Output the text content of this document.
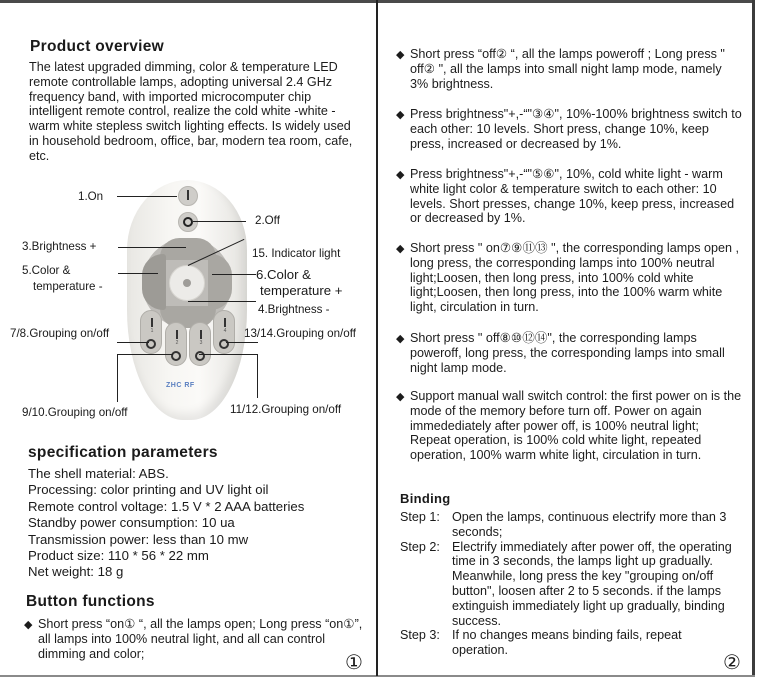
Product overview

The latest upgraded dimming, color & temperature LED remote controllable lamps, adopting universal 2.4 GHz frequency band, with imported microcomputer chip intelligent remote control, realize the cold white -white - warm white stepless switch lighting effects. Is widely used in household bedroom, office, bar, modern tea room, cafe, etc.

1
2	3
4
ZHC RF
1.On
2.Off
3.Brightness +
5.Color &
temperature -
15. Indicator light
6.Color &
temperature +
4.Brightness -
7/8.Grouping on/off	13/14.Grouping on/off
9/10.Grouping on/off	11/12.Grouping on/off
specification parameters
The shell material: ABS.
Processing: color printing and UV light oil
Remote control voltage: 1.5 V * 2 AAA batteries
Standby power consumption: 10 ua
Transmission power: less than 10 mw
Product size: 110 * 56 * 22 mm
Net weight: 18 g
Button functions
◆ Short press “on① “, all the lamps open; Long press “on①”, all lamps into 100% neutral light, and all can control dimming and color;	①
◆ Short press “off② “, all the lamps poweroff ; Long press " off② ", all the lamps into small night lamp mode, namely 3% brightness.
◆ Press brightness"+,-“"③④", 10%-100% brightness switch to each other: 10 levels. Short press, change 10%, keep press, increased or decreased by 1%.
◆ Press brightness"+,-“"⑤⑥", 10%, cold white light - warm white light color & temperature switch to each other: 10 levels. Short presses, change 10%, keep press, increased or decreased by 1%.
◆ Short press " on⑦⑨⑪⑬ ", the corresponding lamps open , long press, the corresponding lamps into 100% neutral light;Loosen, then long press, into 100% cold white light;Loosen, then long press, into the 100% warm white light, circulation in turn.
◆ Short press " off⑧⑩⑫⑭", the corresponding lamps poweroff, long press, the corresponding lamps into small night lamp mode.
◆ Support manual wall switch control: the first power on is the mode of the memory before turn off. Power on again immedediately after power off, is 100% neutral light; Repeat operation, is 100% cold white light, repeated operation, 100% warm white light, circulation in turn.
Binding
Step 1: Open the lamps, continuous electrify more than 3 seconds;
Step 2: Electrify immediately after power off, the operating time in 3 seconds, the lamps light up gradually. Meanwhile, long press the key "grouping on/off button", loosen after 2 to 5 seconds. if the lamps extinguish immediately light up gradually, binding success.
Step 3: If no changes means binding fails, repeat operation.
②
